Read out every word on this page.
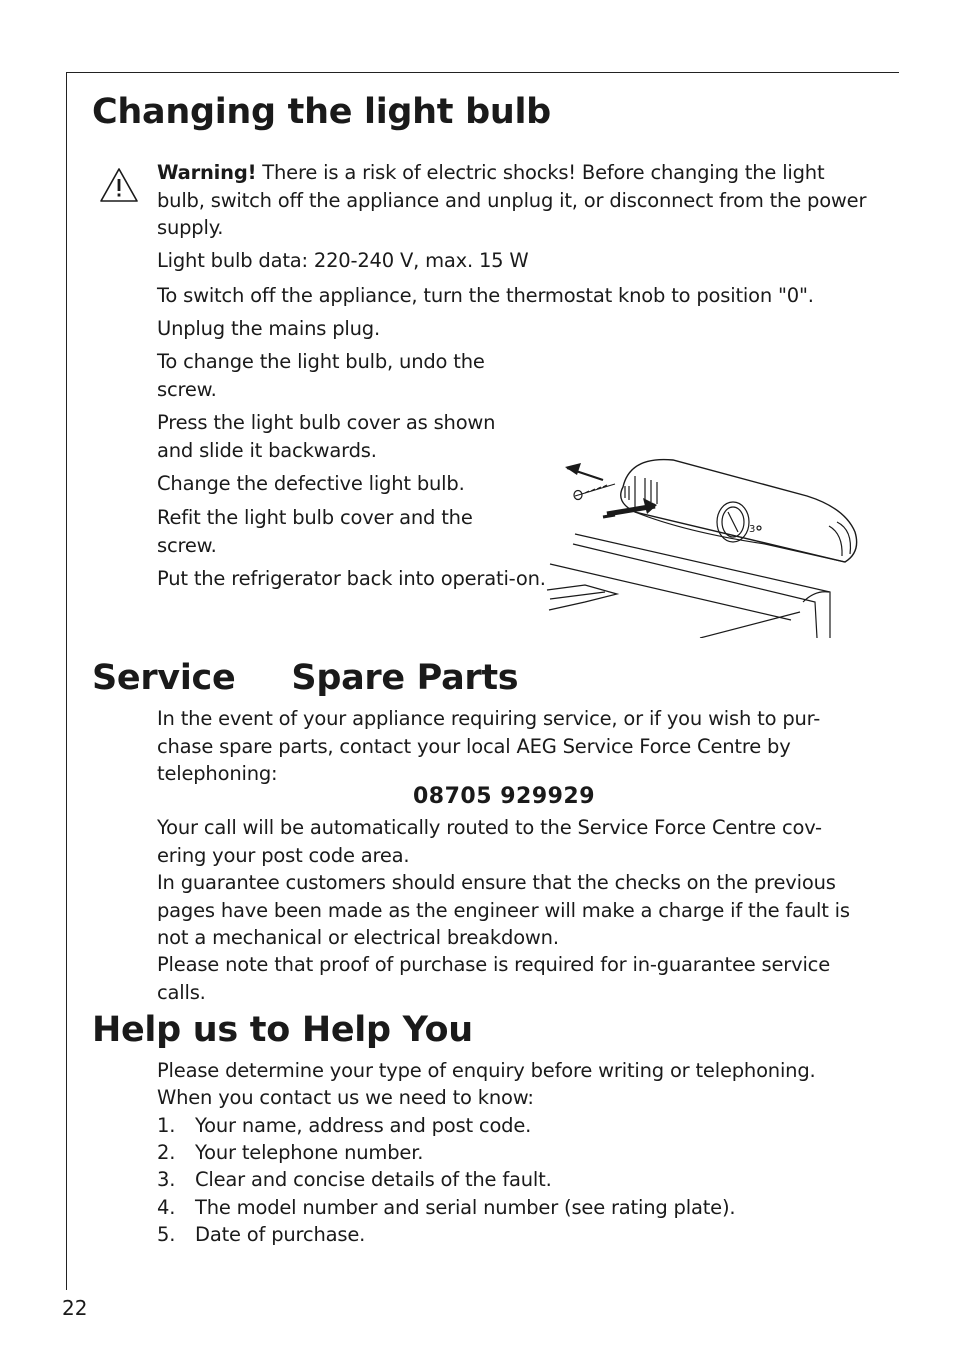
Changing the light bulb

Warning! There is a risk of electric shocks! Before changing the light bulb, switch off the appliance and unplug it, or disconnect from the power supply.

Light bulb data: 220-240 V, max. 15 W

To switch off the appliance, turn the thermostat knob to position "0".

Unplug the mains plug.

To change the light bulb, undo the screw.

Press the light bulb cover as shown and slide it backwards.

Change the defective light bulb.

Refit the light bulb cover and the screw.

Put the refrigerator back into operati-on.

3
Service Spare Parts

In the event of your appliance requiring service, or if you wish to pur-chase spare parts, contact your local AEG Service Force Centre by telephoning:

08705 929929

Your call will be automatically routed to the Service Force Centre cov-ering your post code area.

In guarantee customers should ensure that the checks on the previous pages have been made as the engineer will make a charge if the fault is not a mechanical or electrical breakdown.

Please note that proof of purchase is required for in-guarantee service calls.

Help us to Help You

Please determine your type of enquiry before writing or telephoning.

When you contact us we need to know:

1. Your name, address and post code.
2. Your telephone number.
3. Clear and concise details of the fault.
4. The model number and serial number (see rating plate).
5. Date of purchase.
22
